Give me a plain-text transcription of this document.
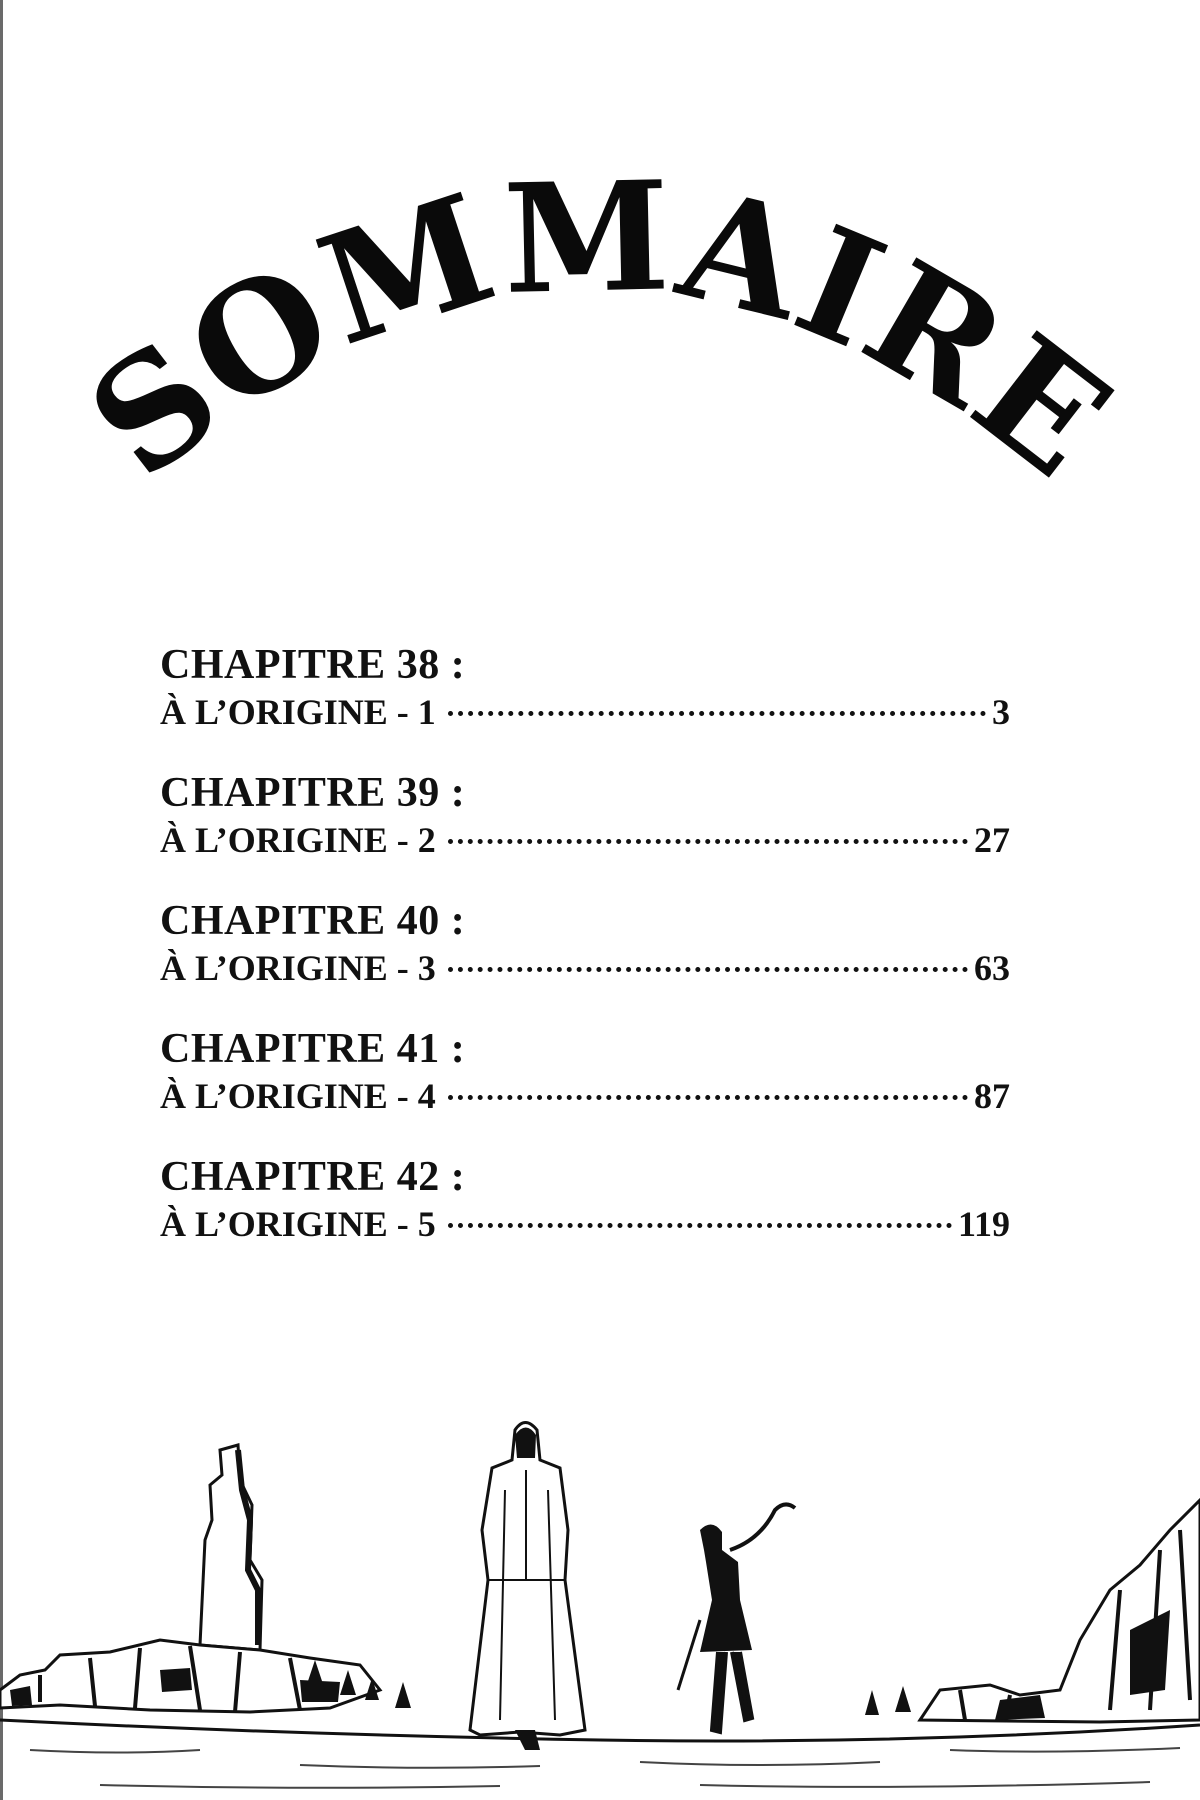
SOMMAIRE
CHAPITRE 38 :
À L’ORIGINE - 1	3
CHAPITRE 39 :
À L’ORIGINE - 2	27
CHAPITRE 40 :
À L’ORIGINE - 3	63
CHAPITRE 41 :
À L’ORIGINE - 4	87
CHAPITRE 42 :
À L’ORIGINE - 5	119
